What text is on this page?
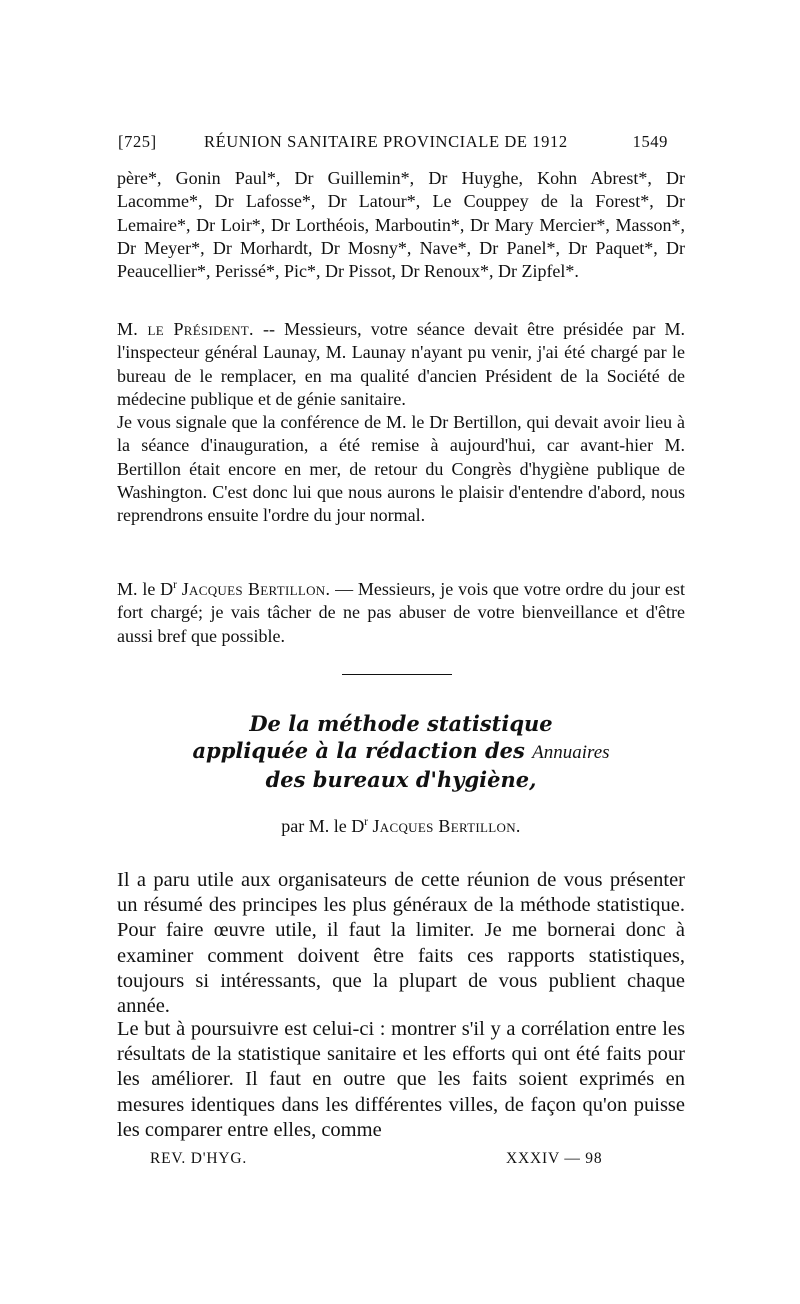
[725]	RÉUNION SANITAIRE PROVINCIALE DE 1912	1549

père*, Gonin Paul*, Dr Guillemin*, Dr Huyghe, Kohn Abrest*, Dr Lacomme*, Dr Lafosse*, Dr Latour*, Le Couppey de la Forest*, Dr Lemaire*, Dr Loir*, Dr Lorthéois, Marboutin*, Dr Mary Mercier*, Masson*, Dr Meyer*, Dr Morhardt, Dr Mosny*, Nave*, Dr Panel*, Dr Paquet*, Dr Peaucellier*, Perissé*, Pic*, Dr Pissot, Dr Renoux*, Dr Zipfel*.

M. le Président. -- Messieurs, votre séance devait être présidée par M. l'inspecteur général Launay, M. Launay n'ayant pu venir, j'ai été chargé par le bureau de le remplacer, en ma qualité d'ancien Président de la Société de médecine publique et de génie sanitaire.

Je vous signale que la conférence de M. le Dr Bertillon, qui devait avoir lieu à la séance d'inauguration, a été remise à aujourd'hui, car avant-hier M. Bertillon était encore en mer, de retour du Congrès d'hygiène publique de Washington. C'est donc lui que nous aurons le plaisir d'entendre d'abord, nous reprendrons ensuite l'ordre du jour normal.

M. le $D^r$ Jacques Bertillon. — Messieurs, je vois que votre ordre du jour est fort chargé; je vais tâcher de ne pas abuser de votre bienveillance et d'être aussi bref que possible.

De la méthode statistique
appliquée à la rédaction des Annuaires
des bureaux d'hygiène,
par M. le $D^r$ Jacques Bertillon.

Il a paru utile aux organisateurs de cette réunion de vous présenter un résumé des principes les plus généraux de la méthode statistique. Pour faire œuvre utile, il faut la limiter. Je me bornerai donc à examiner comment doivent être faits ces rapports statistiques, toujours si intéressants, que la plupart de vous publient chaque année.

Le but à poursuivre est celui-ci : montrer s'il y a corrélation entre les résultats de la statistique sanitaire et les efforts qui ont été faits pour les améliorer. Il faut en outre que les faits soient exprimés en mesures identiques dans les différentes villes, de façon qu'on puisse les comparer entre elles, comme

REV. D'HYG.	XXXIV — 98
